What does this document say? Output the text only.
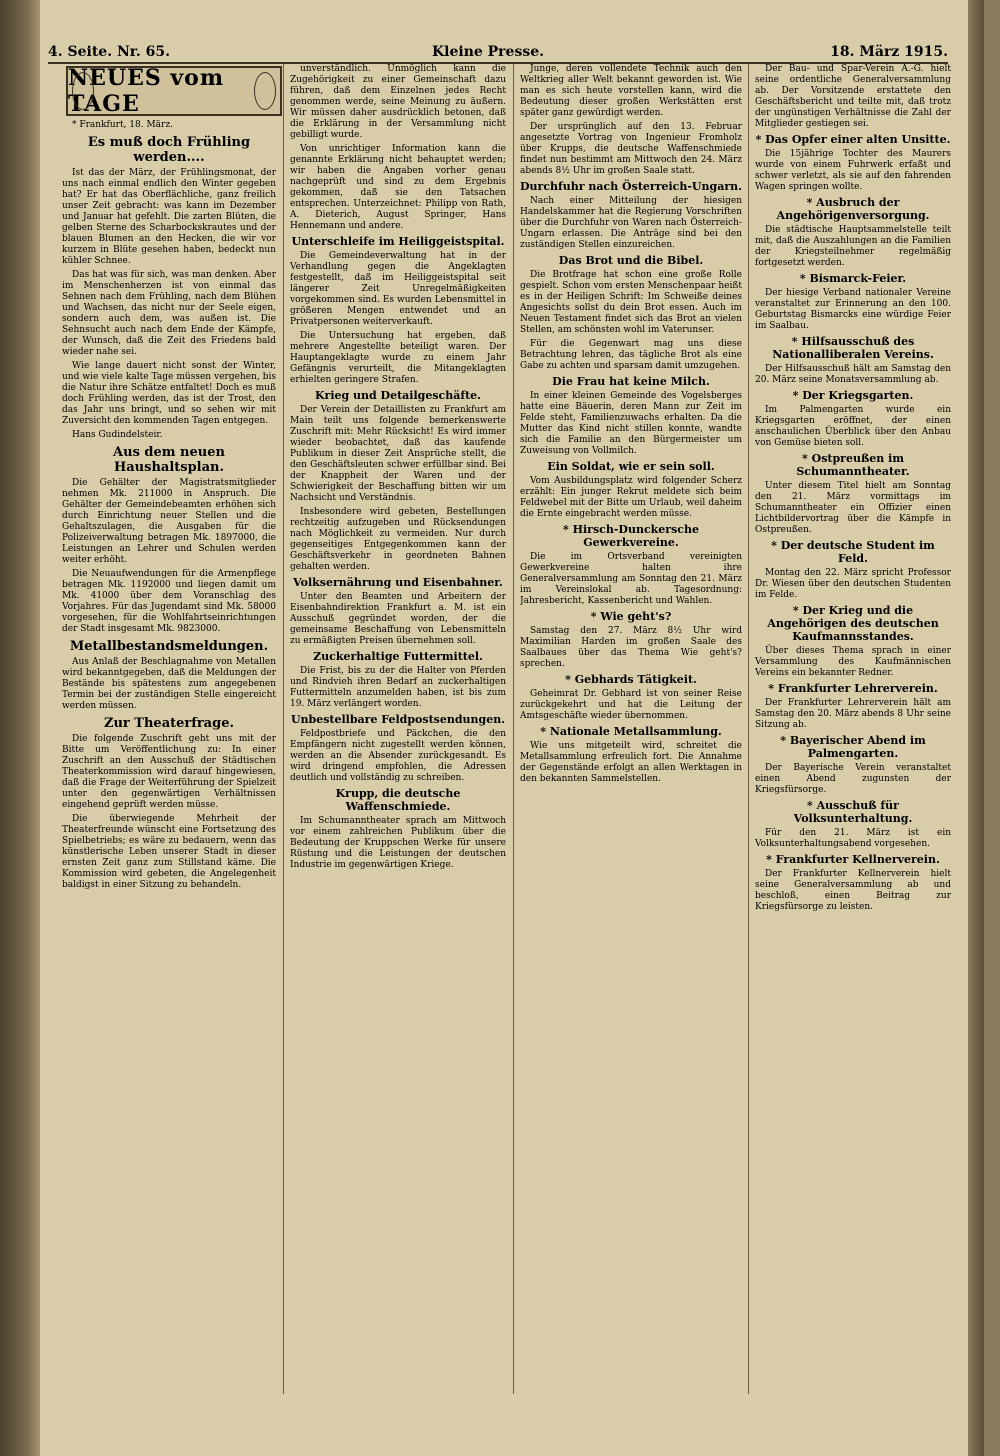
4. Seite. Nr. 65.	Kleine Presse.	18. März 1915.
NEUES vom TAGE

* Frankfurt, 18. März.

Es muß doch Frühling werden....

Ist das der März, der Frühlingsmonat, der uns nach einmal endlich den Winter gegeben hat? Er hat das Oberflächliche, ganz freilich unser Zeit gebracht: was kann im Dezember und Januar hat gefehlt. Die zarten Blüten, die gelben Sterne des Scharbockskrautes und der blauen Blumen an den Hecken, die wir vor kurzem in Blüte gesehen haben, bedeckt nun kühler Schnee.

Das hat was für sich, was man denken. Aber im Menschenherzen ist von einmal das Sehnen nach dem Frühling, nach dem Blühen und Wachsen, das nicht nur der Seele eigen, sondern auch dem, was außen ist. Die Sehnsucht auch nach dem Ende der Kämpfe, der Wunsch, daß die Zeit des Friedens bald wieder nahe sei.

Wie lange dauert nicht sonst der Winter, und wie viele kalte Tage müssen vergehen, bis die Natur ihre Schätze entfaltet! Doch es muß doch Frühling werden, das ist der Trost, den das Jahr uns bringt, und so sehen wir mit Zuversicht den kommenden Tagen entgegen.

Hans Gudindelsteir.

Aus dem neuen Haushaltsplan.

Die Gehälter der Magistratsmitglieder nehmen Mk. 211000 in Anspruch. Die Gehälter der Gemeindebeamten erhöhen sich durch Einrichtung neuer Stellen und die Gehaltszulagen, die Ausgaben für die Polizeiverwaltung betragen Mk. 1897000, die Leistungen an Lehrer und Schulen werden weiter erhöht.

Die Neuaufwendungen für die Armenpflege betragen Mk. 1192000 und liegen damit um Mk. 41000 über dem Voranschlag des Vorjahres. Für das Jugendamt sind Mk. 58000 vorgesehen, für die Wohlfahrtseinrichtungen der Stadt insgesamt Mk. 9823000.

Metallbestandsmeldungen.

Aus Anlaß der Beschlagnahme von Metallen wird bekanntgegeben, daß die Meldungen der Bestände bis spätestens zum angegebenen Termin bei der zuständigen Stelle eingereicht werden müssen.

Zur Theaterfrage.

Die folgende Zuschrift geht uns mit der Bitte um Veröffentlichung zu: In einer Zuschrift an den Ausschuß der Städtischen Theaterkommission wird darauf hingewiesen, daß die Frage der Weiterführung der Spielzeit unter den gegenwärtigen Verhältnissen eingehend geprüft werden müsse.

Die überwiegende Mehrheit der Theaterfreunde wünscht eine Fortsetzung des Spielbetriebs; es wäre zu bedauern, wenn das künstlerische Leben unserer Stadt in dieser ernsten Zeit ganz zum Stillstand käme. Die Kommission wird gebeten, die Angelegenheit baldigst in einer Sitzung zu behandeln.

unverständlich. Unmöglich kann die Zugehörigkeit zu einer Gemeinschaft dazu führen, daß dem Einzelnen jedes Recht genommen werde, seine Meinung zu äußern. Wir müssen daher ausdrücklich betonen, daß die Erklärung in der Versammlung nicht gebilligt wurde.

Von unrichtiger Information kann die genannte Erklärung nicht behauptet werden; wir haben die Angaben vorher genau nachgeprüft und sind zu dem Ergebnis gekommen, daß sie den Tatsachen entsprechen. Unterzeichnet: Philipp von Rath, A. Dieterich, August Springer, Hans Hennemann und andere.

Unterschleife im Heiliggeistspital.

Die Gemeindeverwaltung hat in der Verhandlung gegen die Angeklagten festgestellt, daß im Heiliggeistspital seit längerer Zeit Unregelmäßigkeiten vorgekommen sind. Es wurden Lebensmittel in größeren Mengen entwendet und an Privatpersonen weiterverkauft.

Die Untersuchung hat ergeben, daß mehrere Angestellte beteiligt waren. Der Hauptangeklagte wurde zu einem Jahr Gefängnis verurteilt, die Mitangeklagten erhielten geringere Strafen.

Krieg und Detailgeschäfte.

Der Verein der Detaillisten zu Frankfurt am Main teilt uns folgende bemerkenswerte Zuschrift mit: Mehr Rücksicht! Es wird immer wieder beobachtet, daß das kaufende Publikum in dieser Zeit Ansprüche stellt, die den Geschäftsleuten schwer erfüllbar sind. Bei der Knappheit der Waren und der Schwierigkeit der Beschaffung bitten wir um Nachsicht und Verständnis.

Insbesondere wird gebeten, Bestellungen rechtzeitig aufzugeben und Rücksendungen nach Möglichkeit zu vermeiden. Nur durch gegenseitiges Entgegenkommen kann der Geschäftsverkehr in geordneten Bahnen gehalten werden.

Volksernährung und Eisenbahner.

Unter den Beamten und Arbeitern der Eisenbahndirektion Frankfurt a. M. ist ein Ausschuß gegründet worden, der die gemeinsame Beschaffung von Lebensmitteln zu ermäßigten Preisen übernehmen soll.

Zuckerhaltige Futtermittel.

Die Frist, bis zu der die Halter von Pferden und Rindvieh ihren Bedarf an zuckerhaltigen Futtermitteln anzumelden haben, ist bis zum 19. März verlängert worden.

Unbestellbare Feldpostsendungen.

Feldpostbriefe und Päckchen, die den Empfängern nicht zugestellt werden können, werden an die Absender zurückgesandt. Es wird dringend empfohlen, die Adressen deutlich und vollständig zu schreiben.

Krupp, die deutsche Waffenschmiede.

Im Schumanntheater sprach am Mittwoch vor einem zahlreichen Publikum über die Bedeutung der Kruppschen Werke für unsere Rüstung und die Leistungen der deutschen Industrie im gegenwärtigen Kriege.

Junge, deren vollendete Technik auch den Weltkrieg aller Welt bekannt geworden ist. Wie man es sich heute vorstellen kann, wird die Bedeutung dieser großen Werkstätten erst später ganz gewürdigt werden.

Der ursprünglich auf den 13. Februar angesetzte Vortrag von Ingenieur Fromholz über Krupps, die deutsche Waffenschmiede findet nun bestimmt am Mittwoch den 24. März abends 8½ Uhr im großen Saale statt.

Durchfuhr nach Österreich-Ungarn.

Nach einer Mitteilung der hiesigen Handelskammer hat die Regierung Vorschriften über die Durchfuhr von Waren nach Österreich-Ungarn erlassen. Die Anträge sind bei den zuständigen Stellen einzureichen.

Das Brot und die Bibel.

Die Brotfrage hat schon eine große Rolle gespielt. Schon vom ersten Menschenpaar heißt es in der Heiligen Schrift: Im Schweiße deines Angesichts sollst du dein Brot essen. Auch im Neuen Testament findet sich das Brot an vielen Stellen, am schönsten wohl im Vaterunser.

Für die Gegenwart mag uns diese Betrachtung lehren, das tägliche Brot als eine Gabe zu achten und sparsam damit umzugehen.

Die Frau hat keine Milch.

In einer kleinen Gemeinde des Vogelsberges hatte eine Bäuerin, deren Mann zur Zeit im Felde steht, Familienzuwachs erhalten. Da die Mutter das Kind nicht stillen konnte, wandte sich die Familie an den Bürgermeister um Zuweisung von Vollmilch.

Ein Soldat, wie er sein soll.

Vom Ausbildungsplatz wird folgender Scherz erzählt: Ein junger Rekrut meldete sich beim Feldwebel mit der Bitte um Urlaub, weil daheim die Ernte eingebracht werden müsse.

* Hirsch-Dunckersche Gewerkvereine.

Die im Ortsverband vereinigten Gewerkvereine halten ihre Generalversammlung am Sonntag den 21. März im Vereinslokal ab. Tagesordnung: Jahresbericht, Kassenbericht und Wahlen.

* Wie geht's?

Samstag den 27. März 8½ Uhr wird Maximilian Harden im großen Saale des Saalbaues über das Thema Wie geht's? sprechen.

* Gebhards Tätigkeit.

Geheimrat Dr. Gebhard ist von seiner Reise zurückgekehrt und hat die Leitung der Amtsgeschäfte wieder übernommen.

* Nationale Metallsammlung.

Wie uns mitgeteilt wird, schreitet die Metallsammlung erfreulich fort. Die Annahme der Gegenstände erfolgt an allen Werktagen in den bekannten Sammelstellen.

Der Bau- und Spar-Verein A.-G. hielt seine ordentliche Generalversammlung ab. Der Vorsitzende erstattete den Geschäftsbericht und teilte mit, daß trotz der ungünstigen Verhältnisse die Zahl der Mitglieder gestiegen sei.

* Das Opfer einer alten Unsitte.

Die 15jährige Tochter des Maurers wurde von einem Fuhrwerk erfaßt und schwer verletzt, als sie auf den fahrenden Wagen springen wollte.

* Ausbruch der Angehörigenversorgung.

Die städtische Hauptsammelstelle teilt mit, daß die Auszahlungen an die Familien der Kriegsteilnehmer regelmäßig fortgesetzt werden.

* Bismarck-Feier.

Der hiesige Verband nationaler Vereine veranstaltet zur Erinnerung an den 100. Geburtstag Bismarcks eine würdige Feier im Saalbau.

* Hilfsausschuß des Nationalliberalen Vereins.

Der Hilfsausschuß hält am Samstag den 20. März seine Monatsversammlung ab.

* Der Kriegsgarten.

Im Palmengarten wurde ein Kriegsgarten eröffnet, der einen anschaulichen Überblick über den Anbau von Gemüse bieten soll.

* Ostpreußen im Schumanntheater.

Unter diesem Titel hielt am Sonntag den 21. März vormittags im Schumanntheater ein Offizier einen Lichtbildervortrag über die Kämpfe in Ostpreußen.

* Der deutsche Student im Feld.

Montag den 22. März spricht Professor Dr. Wiesen über den deutschen Studenten im Felde.

* Der Krieg und die Angehörigen des deutschen Kaufmannsstandes.

Über dieses Thema sprach in einer Versammlung des Kaufmännischen Vereins ein bekannter Redner.

* Frankfurter Lehrerverein.

Der Frankfurter Lehrerverein hält am Samstag den 20. März abends 8 Uhr seine Sitzung ab.

* Bayerischer Abend im Palmengarten.

Der Bayerische Verein veranstaltet einen Abend zugunsten der Kriegsfürsorge.

* Ausschuß für Volksunterhaltung.

Für den 21. März ist ein Volksunterhaltungsabend vorgesehen.

* Frankfurter Kellnerverein.

Der Frankfurter Kellnerverein hielt seine Generalversammlung ab und beschloß, einen Beitrag zur Kriegsfürsorge zu leisten.
